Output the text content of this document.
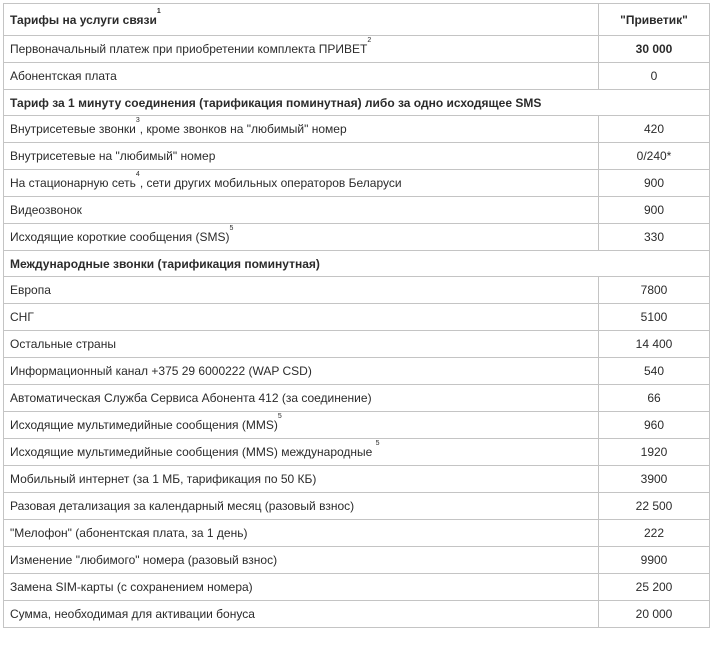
Тарифы на услуги связи$^1$	"Приветик"
Первоначальный платеж при приобретении комплекта ПРИВЕТ$^2$	30 000
Абонентская плата	0
Тариф за 1 минуту соединения (тарификация поминутная) либо за одно исходящее SMS	
Внутрисетевые звонки$^3$, кроме звонков на "любимый" номер	420
Внутрисетевые на "любимый" номер	0/240*
На стационарную сеть$^4$, сети других мобильных операторов Беларуси	900
Видеозвонок	900
Исходящие короткие сообщения (SMS)$^5$	330
Международные звонки (тарификация поминутная)	
Европа	7800
СНГ	5100
Остальные страны	14 400
Информационный канал +375 29 6000222 (WAP CSD)	540
Автоматическая Служба Сервиса Абонента 412 (за соединение)	66
Исходящие мультимедийные сообщения (MMS)$^5$	960
Исходящие мультимедийные сообщения (MMS) международные $^5$	1920
Мобильный интернет (за 1 МБ, тарификация по 50 КБ)	3900
Разовая детализация за календарный месяц (разовый взнос)	22 500
"Мелофон" (абонентская плата, за 1 день)	222
Изменение "любимого" номера (разовый взнос)	9900
Замена SIM-карты (с сохранением номера)	25 200
Сумма, необходимая для активации бонуса	20 000
